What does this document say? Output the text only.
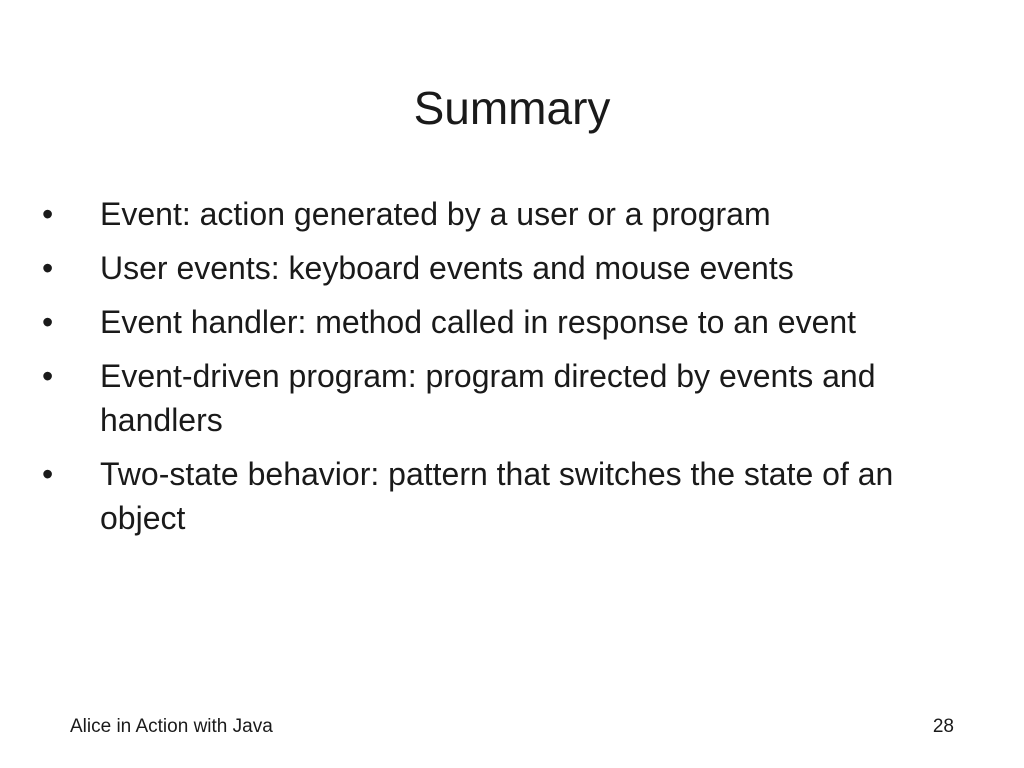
Summary
• Event: action generated by a user or a program
• User events: keyboard events and mouse events
• Event handler: method called in response to an event
• Event-driven program: program directed by events and handlers
• Two-state behavior: pattern that switches the state of an object
Alice in Action with Java	28
